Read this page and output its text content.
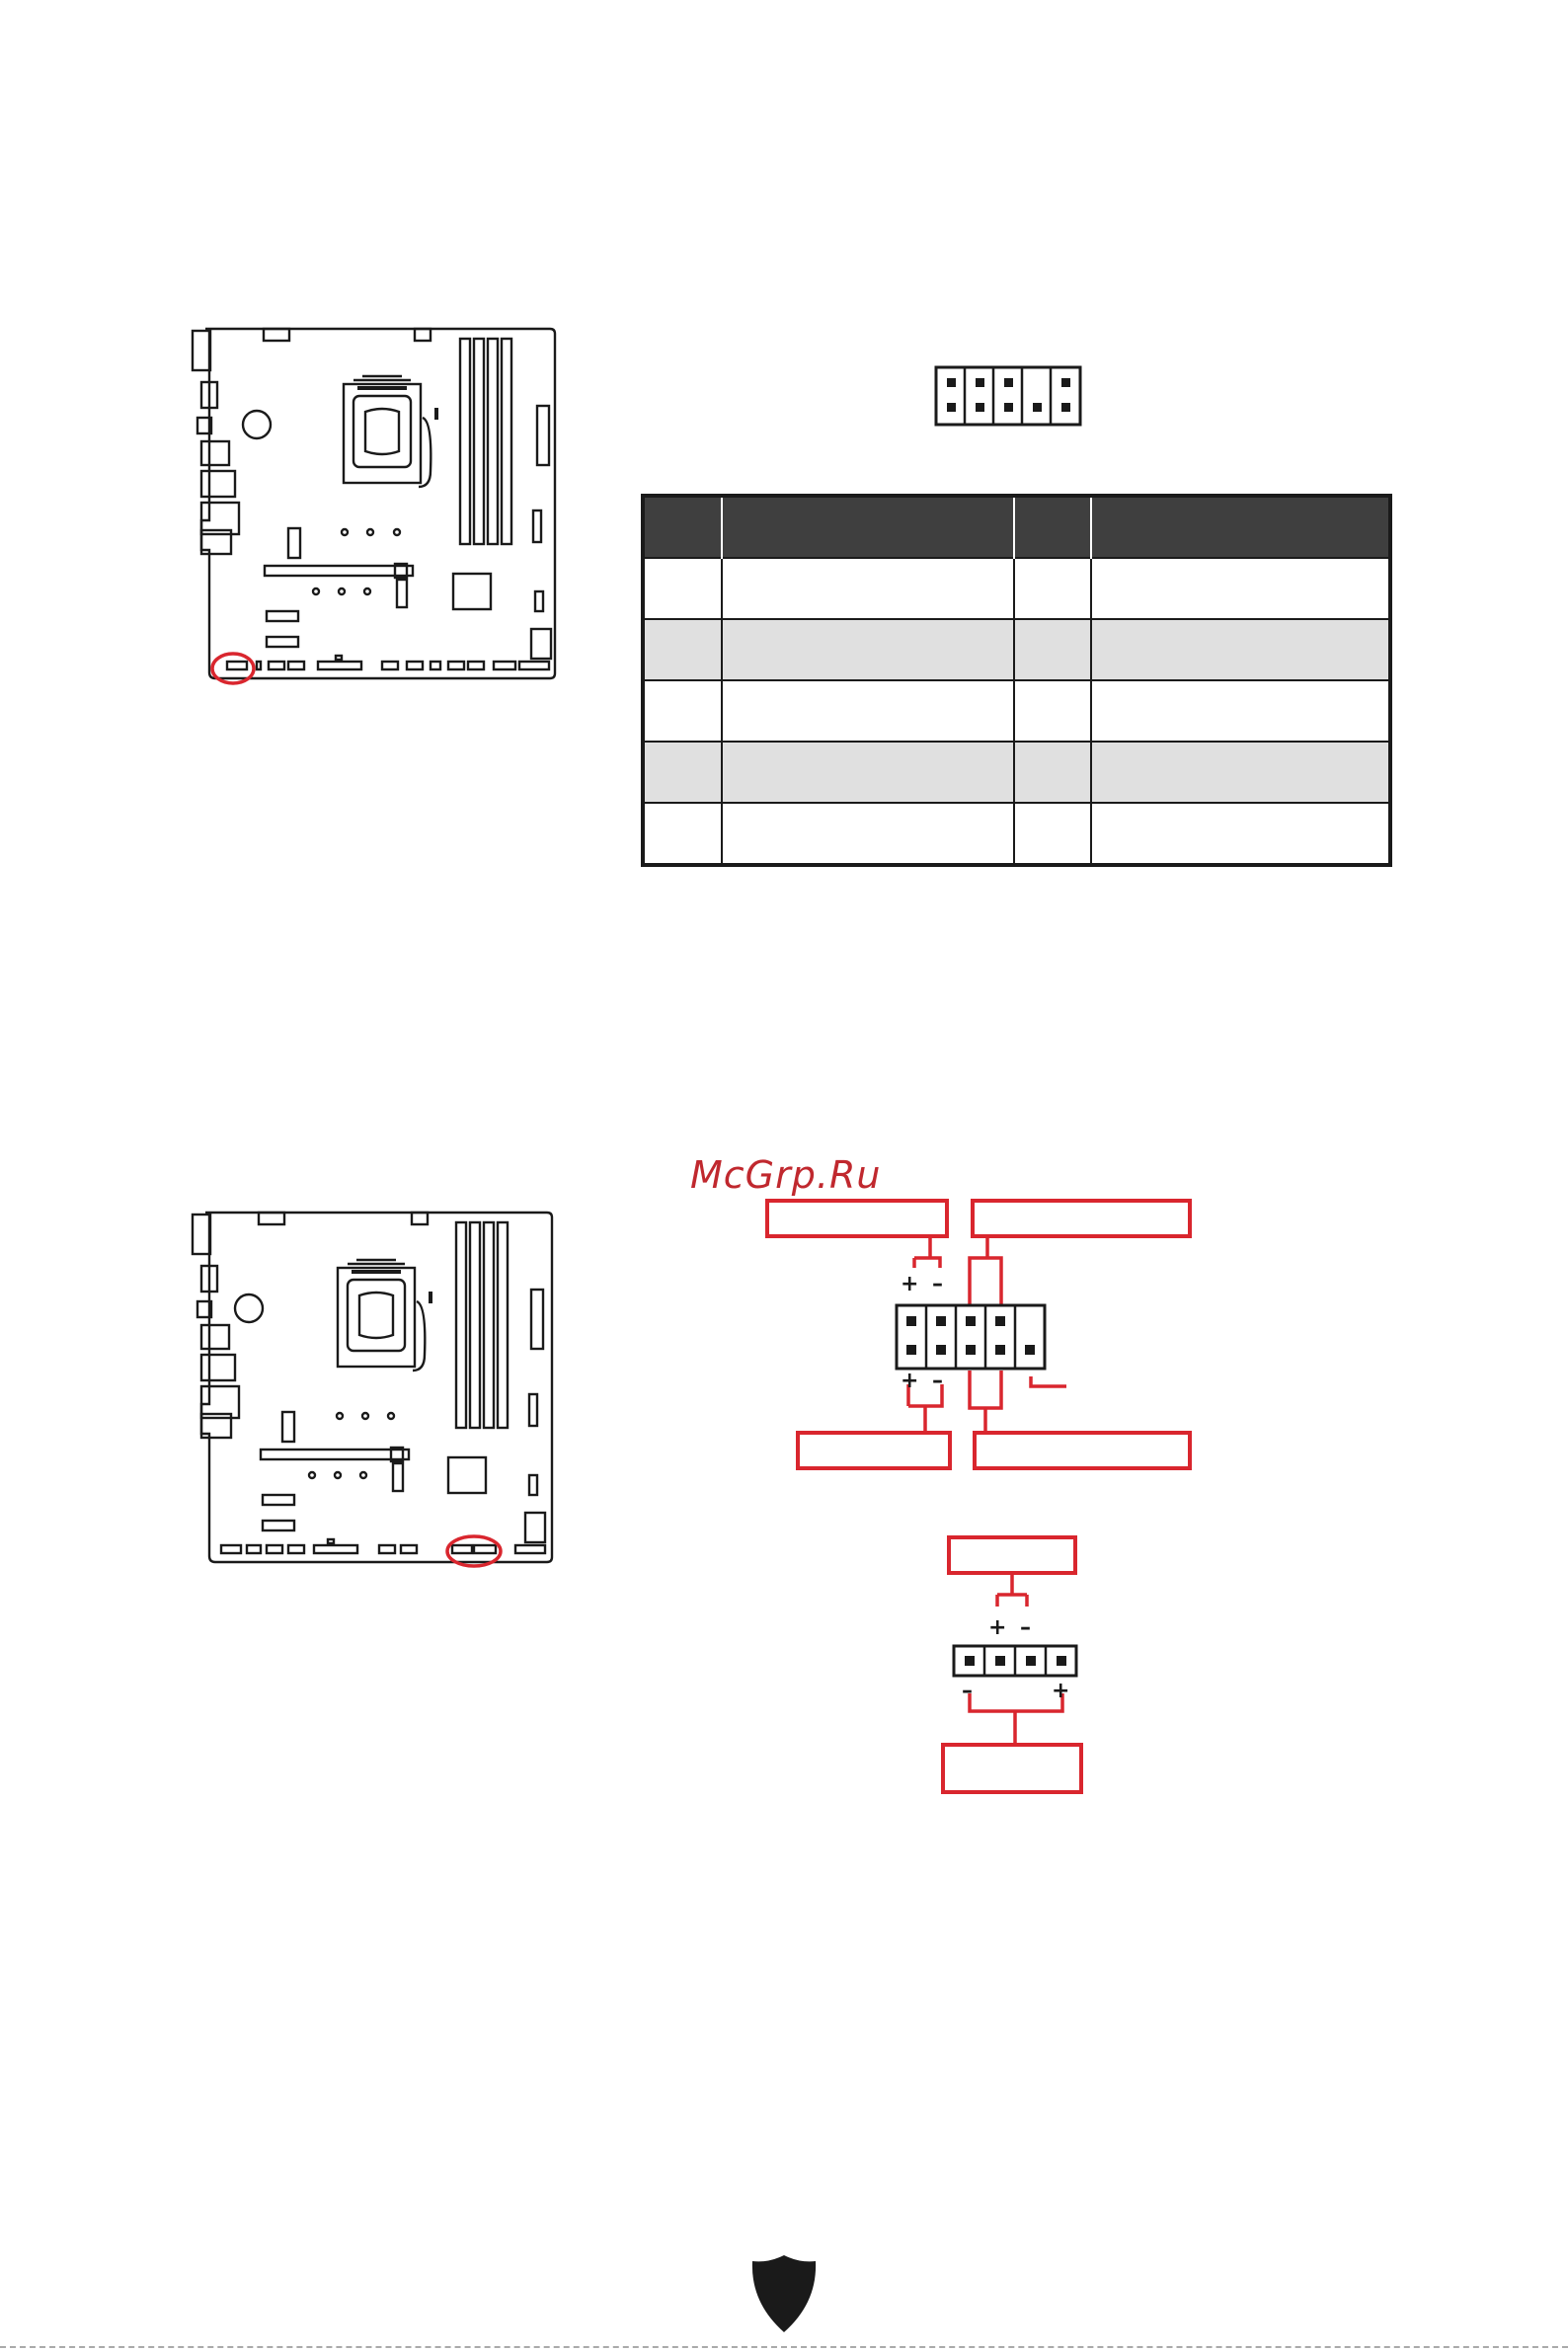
McGrp.Ru
+ –
+ –
+ –
–	+
